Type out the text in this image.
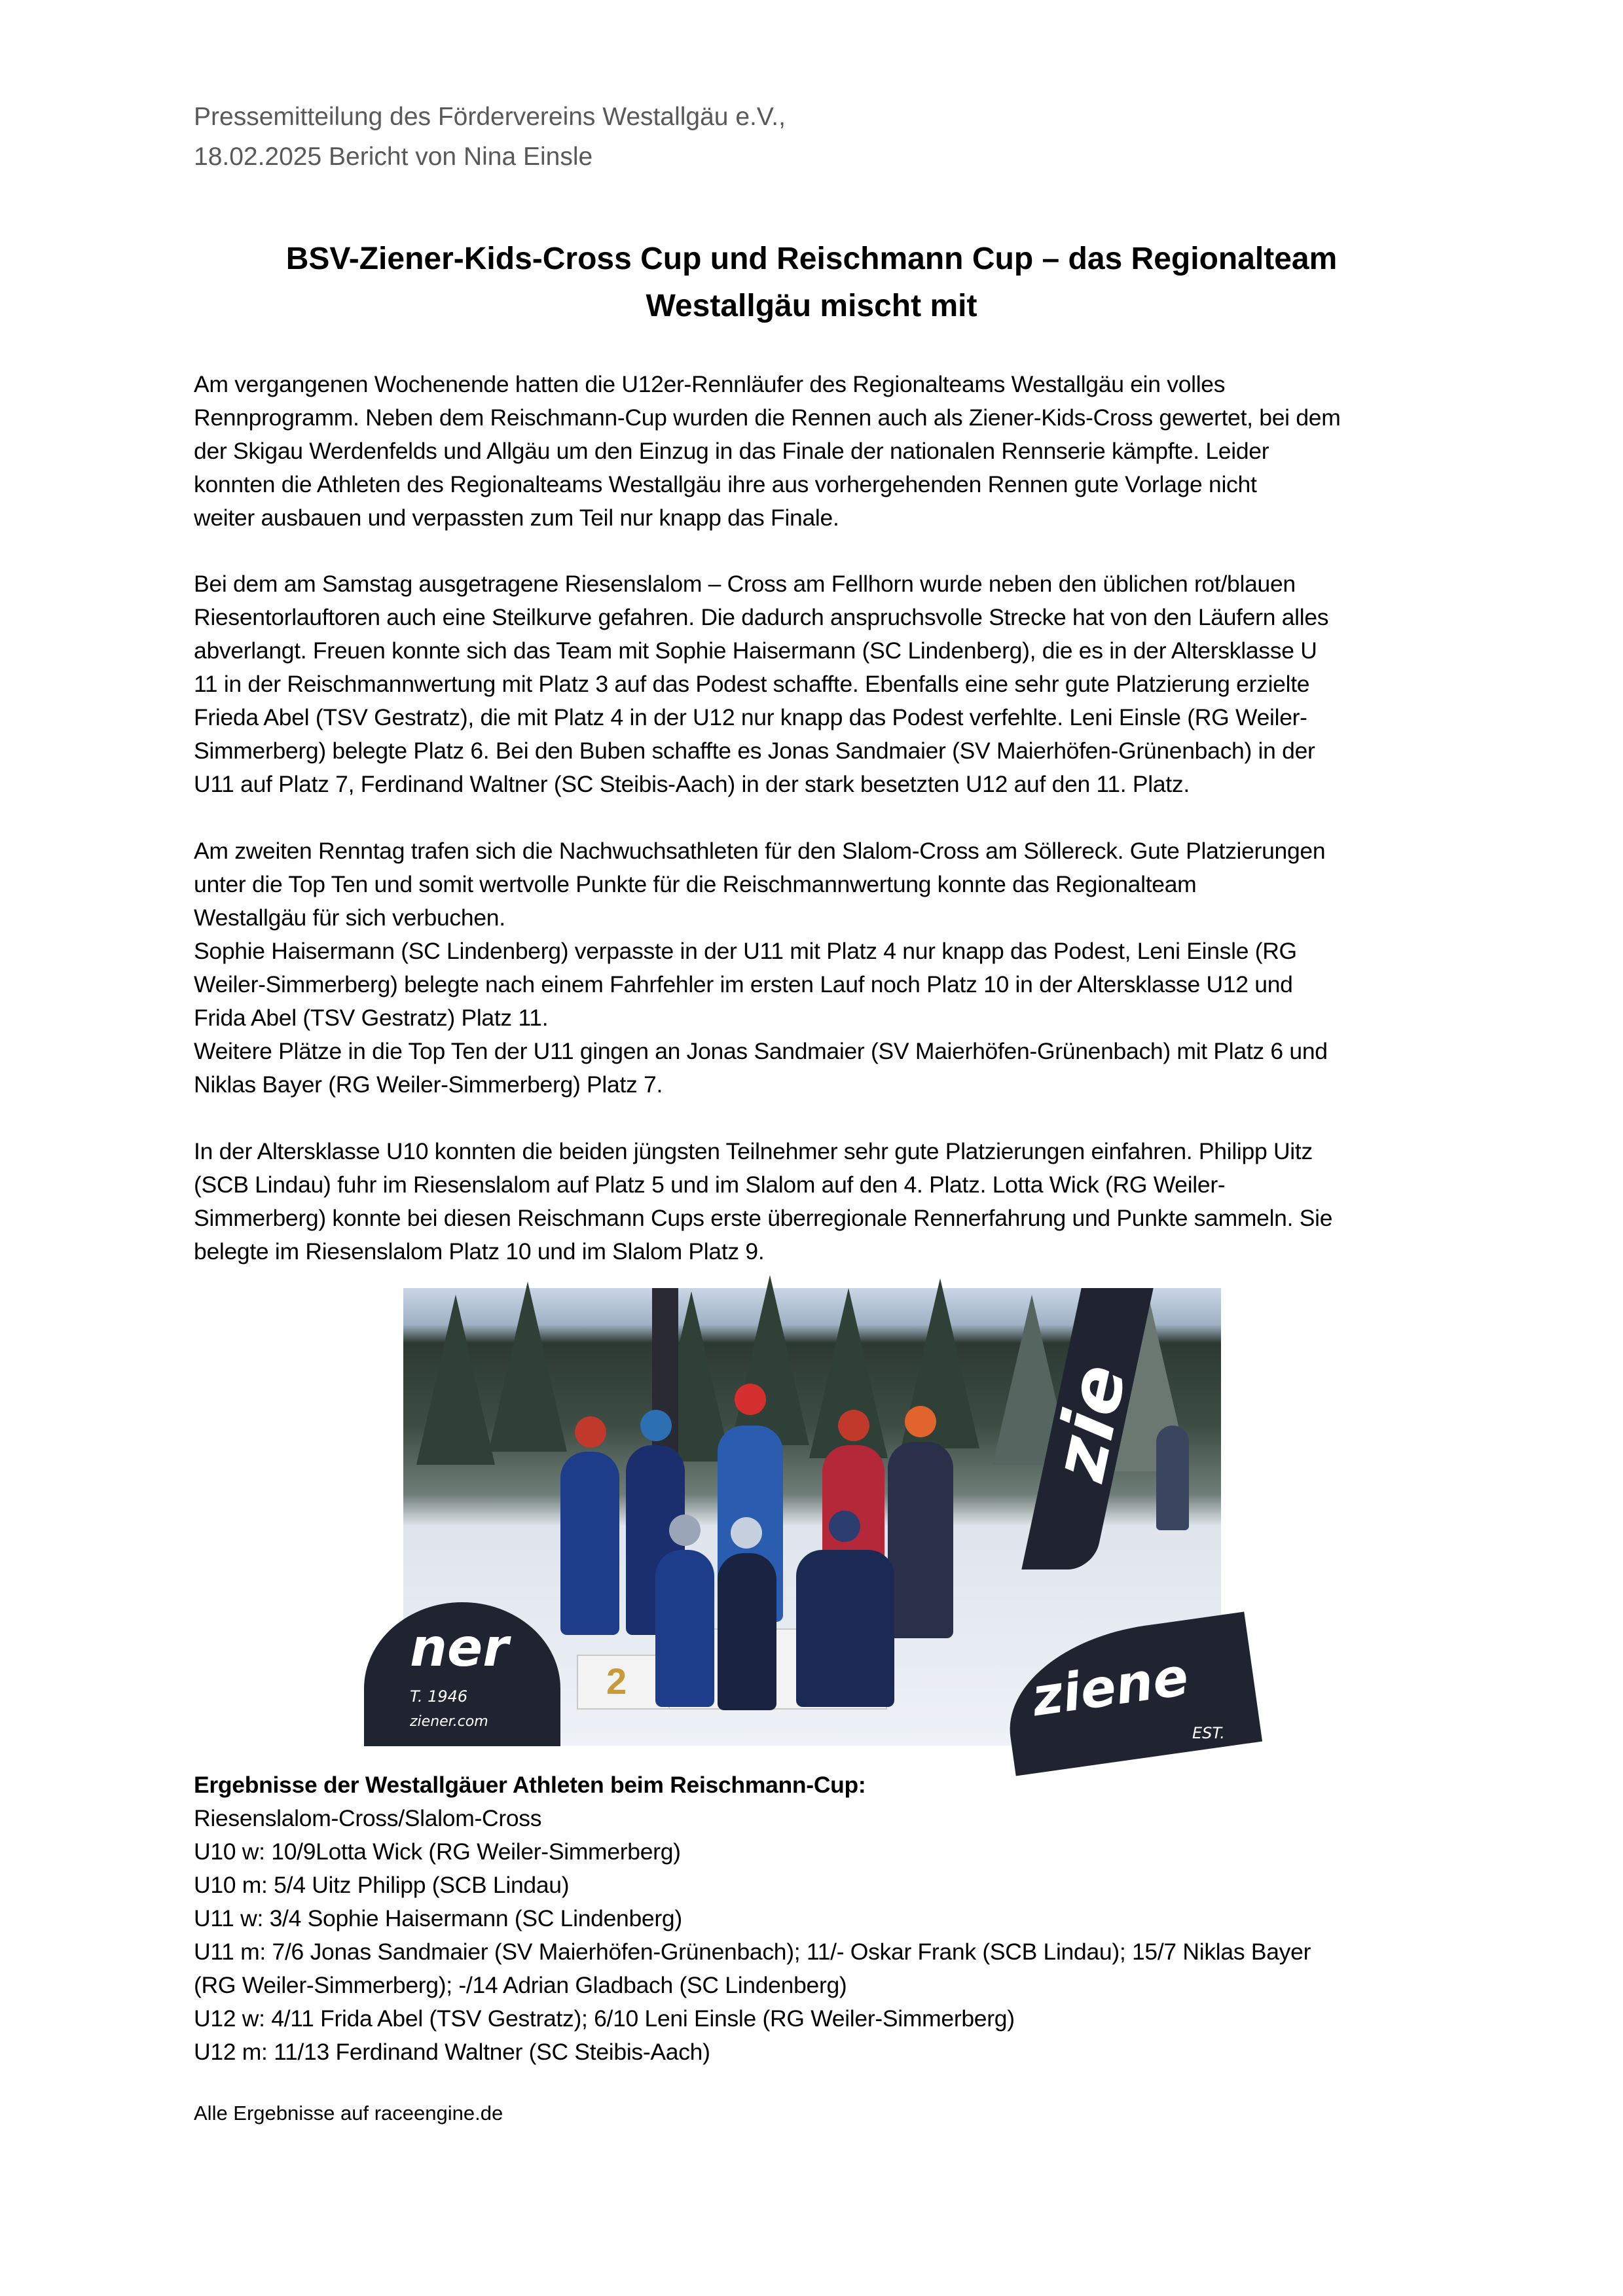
Pressemitteilung des Fördervereins Westallgäu e.V.,
18.02.2025 Bericht von Nina Einsle
BSV-Ziener-Kids-Cross Cup und Reischmann Cup – das Regionalteam
Westallgäu mischt mit
Am vergangenen Wochenende hatten die U12er-Rennläufer des Regionalteams Westallgäu ein volles
Rennprogramm. Neben dem Reischmann-Cup wurden die Rennen auch als Ziener-Kids-Cross gewertet, bei dem
der Skigau Werdenfelds und Allgäu um den Einzug in das Finale der nationalen Rennserie kämpfte. Leider
konnten die Athleten des Regionalteams Westallgäu ihre aus vorhergehenden Rennen gute Vorlage nicht
weiter ausbauen und verpassten zum Teil nur knapp das Finale.
Bei dem am Samstag ausgetragene Riesenslalom – Cross am Fellhorn wurde neben den üblichen rot/blauen
Riesentorlauftoren auch eine Steilkurve gefahren. Die dadurch anspruchsvolle Strecke hat von den Läufern alles
abverlangt. Freuen konnte sich das Team mit Sophie Haisermann (SC Lindenberg), die es in der Altersklasse U
11 in der Reischmannwertung mit Platz 3 auf das Podest schaffte. Ebenfalls eine sehr gute Platzierung erzielte
Frieda Abel (TSV Gestratz), die mit Platz 4 in der U12 nur knapp das Podest verfehlte. Leni Einsle (RG Weiler-
Simmerberg) belegte Platz 6. Bei den Buben schaffte es Jonas Sandmaier (SV Maierhöfen-Grünenbach) in der
U11 auf Platz 7, Ferdinand Waltner (SC Steibis-Aach) in der stark besetzten U12 auf den 11. Platz.
Am zweiten Renntag trafen sich die Nachwuchsathleten für den Slalom-Cross am Söllereck. Gute Platzierungen
unter die Top Ten und somit wertvolle Punkte für die Reischmannwertung konnte das Regionalteam
Westallgäu für sich verbuchen.
Sophie Haisermann (SC Lindenberg) verpasste in der U11 mit Platz 4 nur knapp das Podest, Leni Einsle (RG
Weiler-Simmerberg) belegte nach einem Fahrfehler im ersten Lauf noch Platz 10 in der Altersklasse U12 und
Frida Abel (TSV Gestratz) Platz 11.
Weitere Plätze in die Top Ten der U11 gingen an Jonas Sandmaier (SV Maierhöfen-Grünenbach) mit Platz 6 und
Niklas Bayer (RG Weiler-Simmerberg) Platz 7.
In der Altersklasse U10 konnten die beiden jüngsten Teilnehmer sehr gute Platzierungen einfahren. Philipp Uitz
(SCB Lindau) fuhr im Riesenslalom auf Platz 5 und im Slalom auf den 4. Platz. Lotta Wick (RG Weiler-
Simmerberg) konnte bei diesen Reischmann Cups erste überregionale Rennerfahrung und Punkte sammeln. Sie
belegte im Riesenslalom Platz 10 und im Slalom Platz 9.
zie
ner
T. 1946
ziener.com	ziene
EST.
2
Ergebnisse der Westallgäuer Athleten beim Reischmann-Cup:
Riesenslalom-Cross/Slalom-Cross
U10 w: 10/9Lotta Wick (RG Weiler-Simmerberg)
U10 m: 5/4 Uitz Philipp (SCB Lindau)
U11 w: 3/4 Sophie Haisermann (SC Lindenberg)
U11 m: 7/6 Jonas Sandmaier (SV Maierhöfen-Grünenbach); 11/- Oskar Frank (SCB Lindau); 15/7 Niklas Bayer
(RG Weiler-Simmerberg); -/14 Adrian Gladbach (SC Lindenberg)
U12 w: 4/11 Frida Abel (TSV Gestratz); 6/10 Leni Einsle (RG Weiler-Simmerberg)
U12 m: 11/13 Ferdinand Waltner (SC Steibis-Aach)
Alle Ergebnisse auf raceengine.de
